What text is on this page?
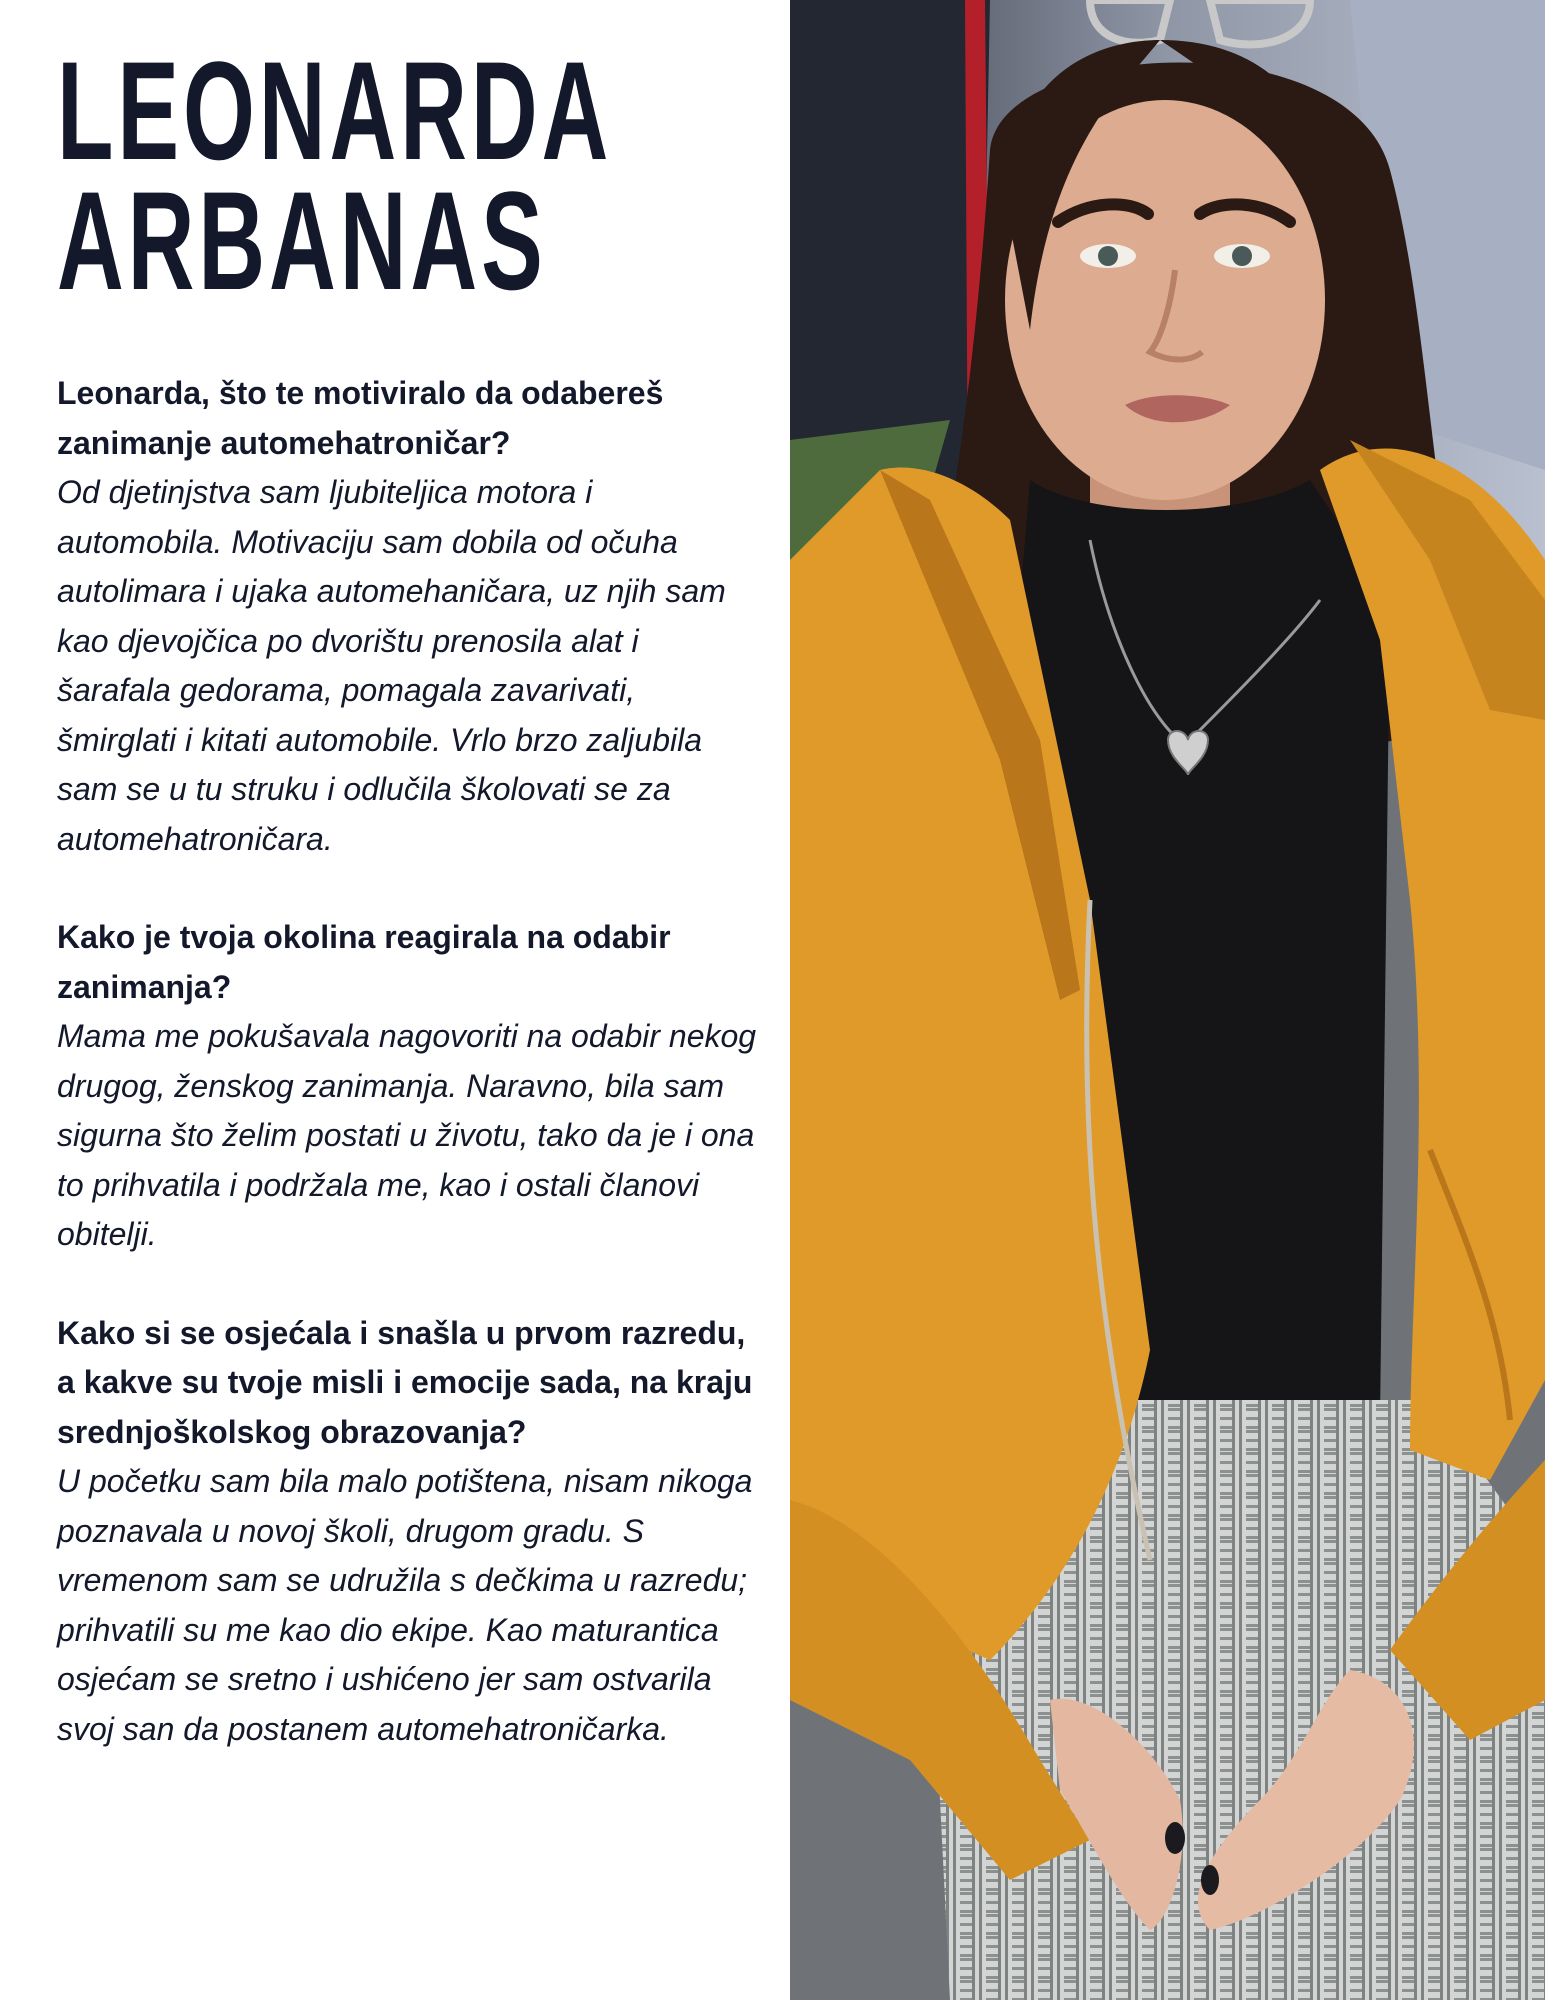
LEONARDA
ARBANAS

Leonarda, što te motiviralo da odabereš zanimanje automehatroničar?

Od djetinjstva sam ljubiteljica motora i automobila. Motivaciju sam dobila od očuha autolimara i ujaka automehaničara, uz njih sam kao djevojčica po dvorištu prenosila alat i šarafala gedorama, pomagala zavarivati, šmirglati i kitati automobile. Vrlo brzo zaljubila sam se u tu struku i odlučila školovati se za automehatroničara.

Kako je tvoja okolina reagirala na odabir zanimanja?

Mama me pokušavala nagovoriti na odabir nekog drugog, ženskog zanimanja. Naravno, bila sam sigurna što želim postati u životu, tako da je i ona to prihvatila i podržala me, kao i ostali članovi obitelji.

Kako si se osjećala i snašla u prvom razredu, a kakve su tvoje misli i emocije sada, na kraju srednjoškolskog obrazovanja?

U početku sam bila malo potištena, nisam nikoga poznavala u novoj školi, drugom gradu. S vremenom sam se udružila s dečkima u razredu; prihvatili su me kao dio ekipe. Kao maturantica osjećam se sretno i ushićeno jer sam ostvarila svoj san da postanem automehatroničarka.
